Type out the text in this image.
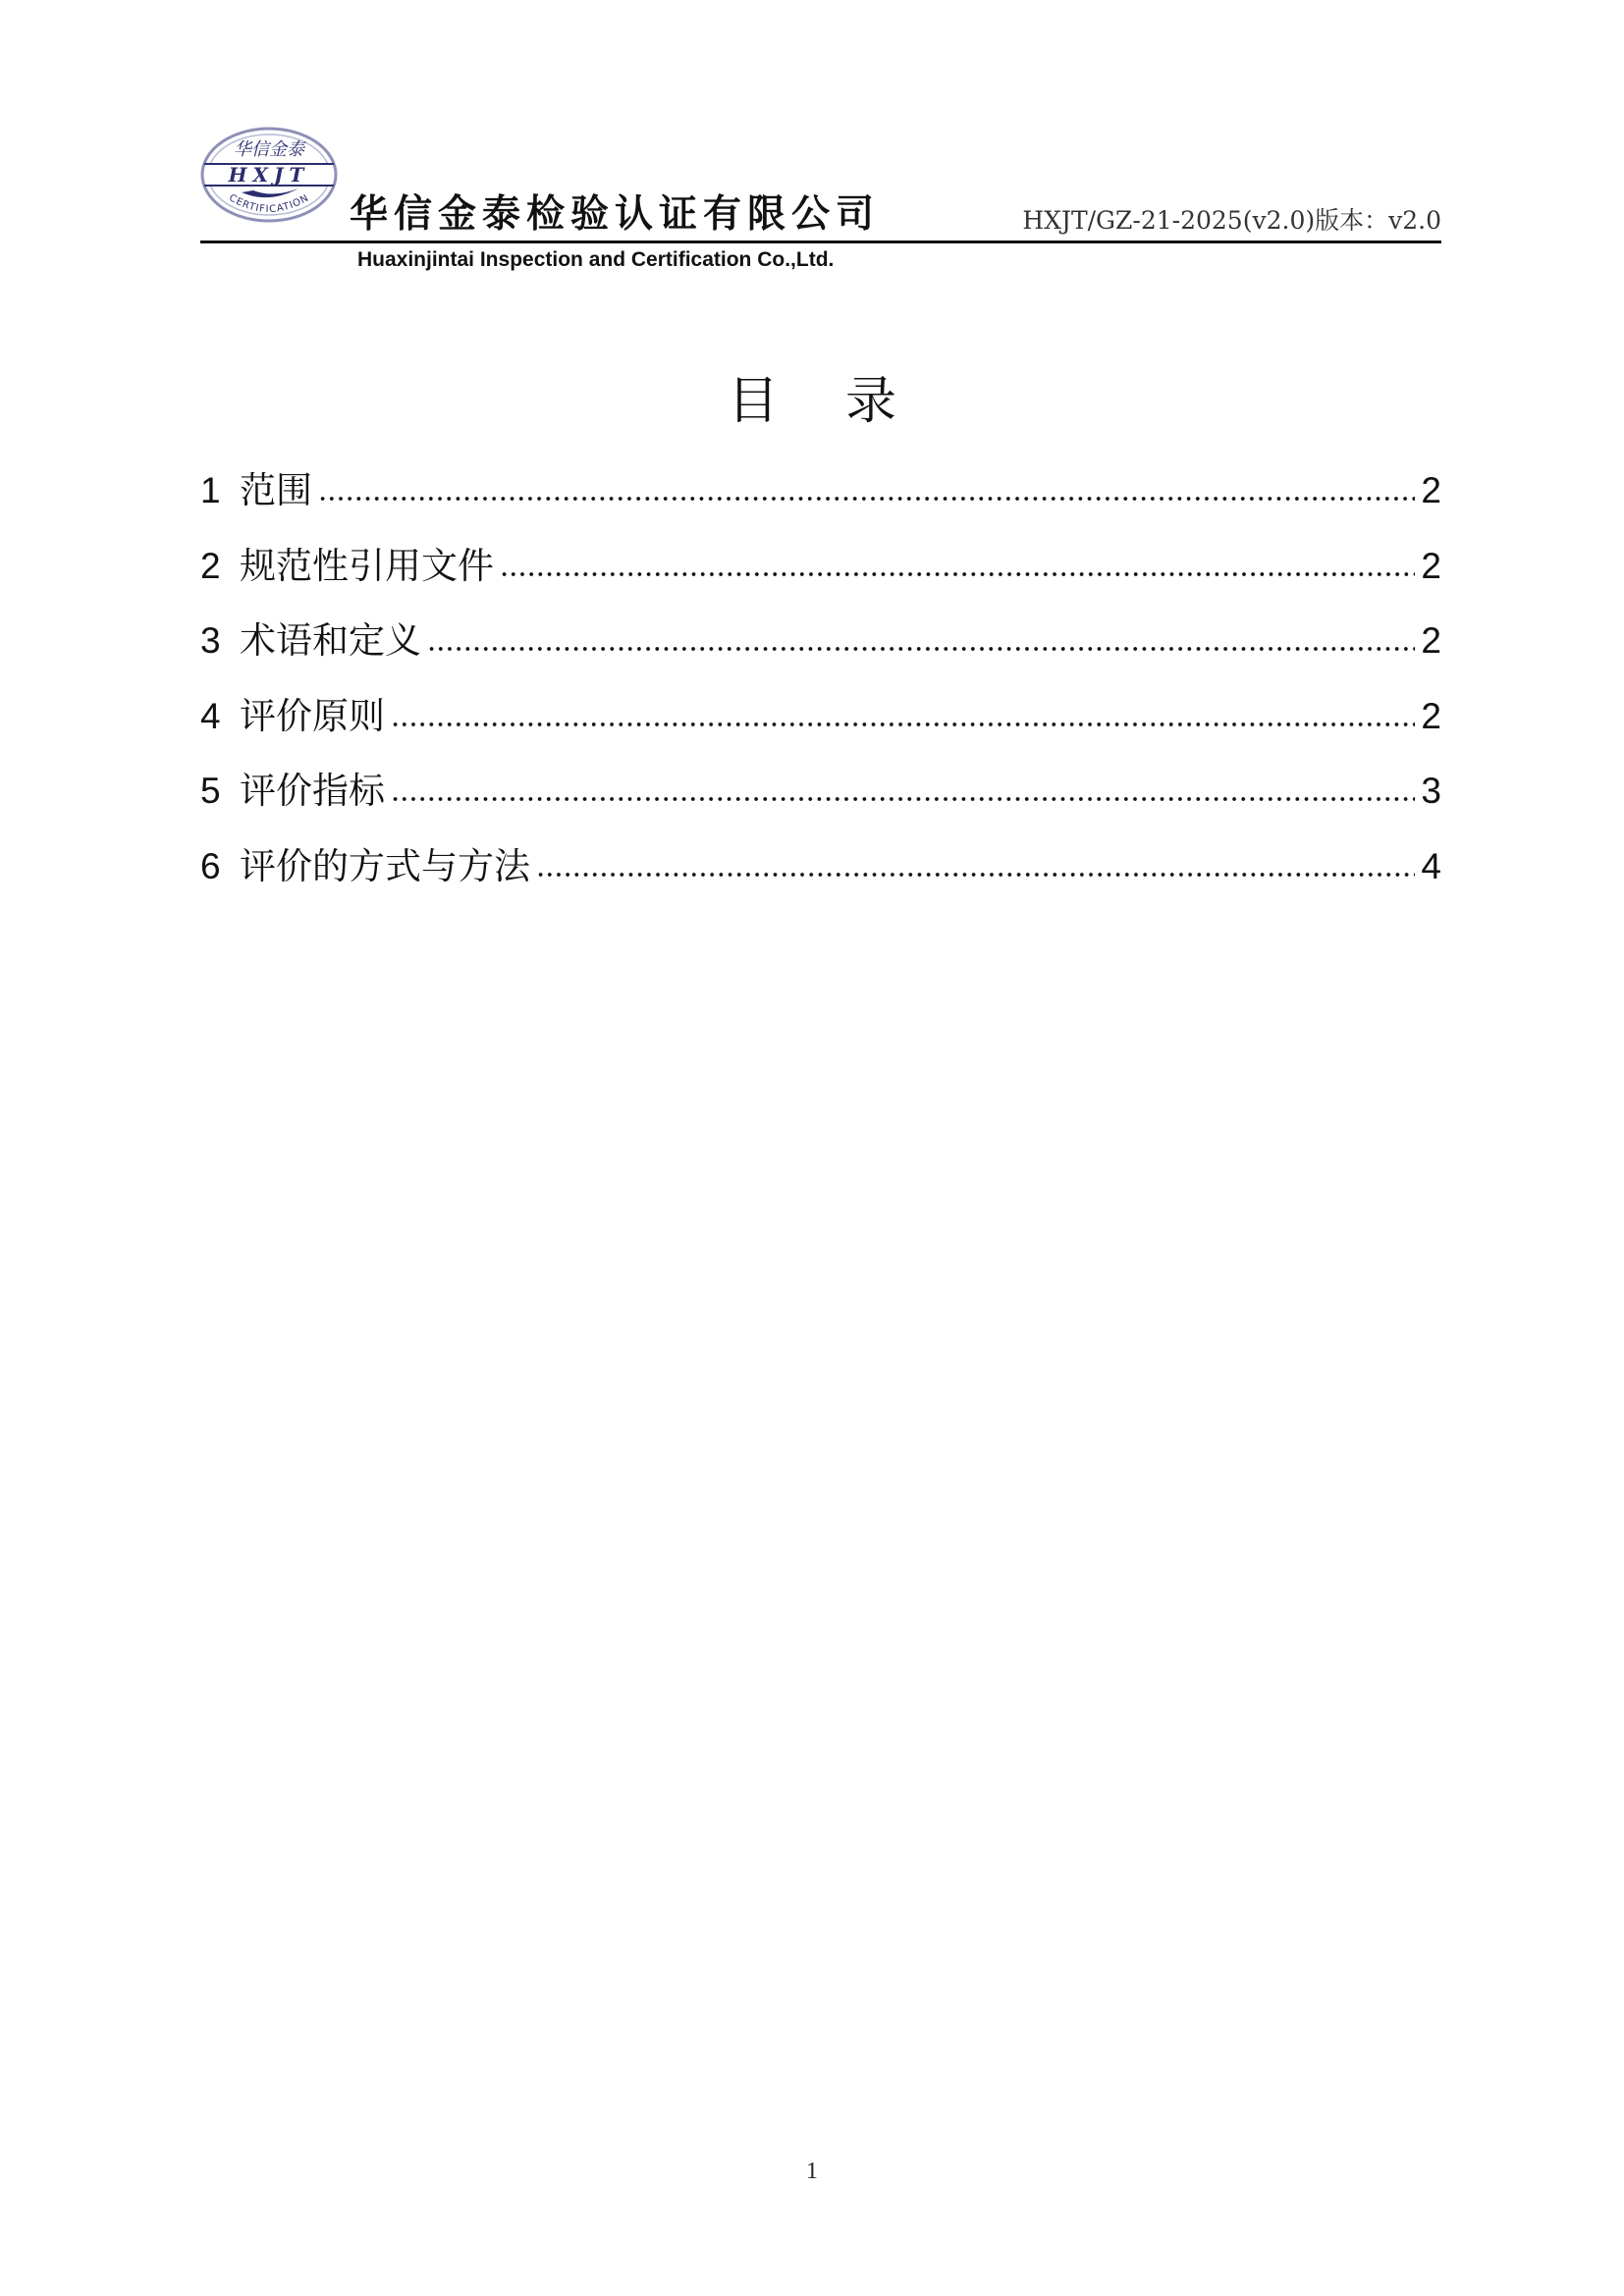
华信金泰
HXJT
CERTIFICATION 华信金泰检验认证有限公司	HXJT/GZ-21-2025(v2.0)版本：v2.0
Huaxinjintai Inspection and Certification Co.,Ltd.
目录
1 范围	2
2 规范性引用文件	2
3 术语和定义	2
4 评价原则	2
5 评价指标	3
6 评价的方式与方法	4
1
